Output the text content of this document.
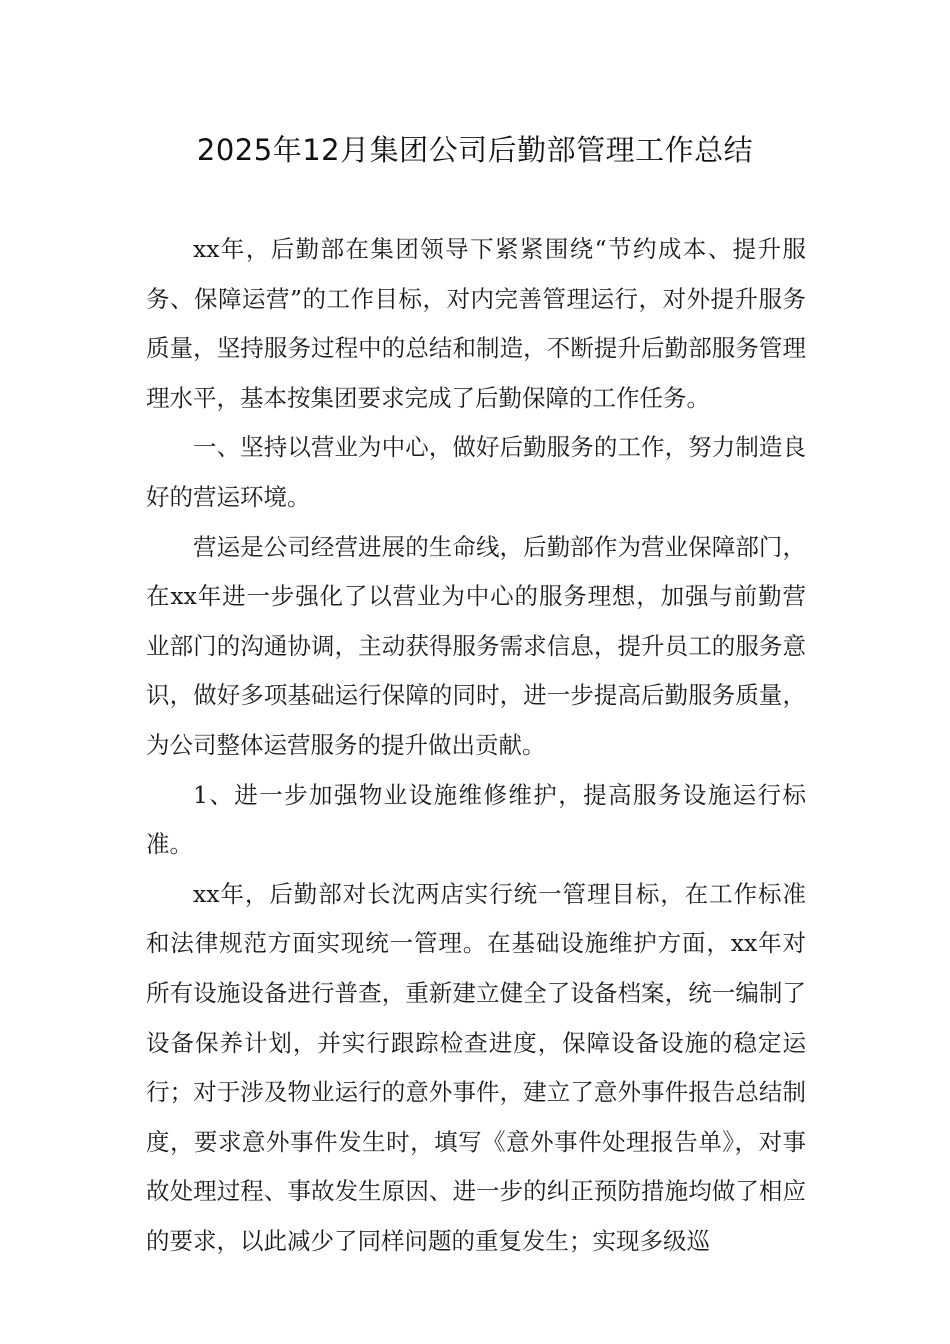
2025年12月集团公司后勤部管理工作总结

xx年，后勤部在集团领导下紧紧围绕“节约成本、提升服务、保障运营”的工作目标，对内完善管理运行，对外提升服务质量，坚持服务过程中的总结和制造，不断提升后勤部服务管理理水平，基本按集团要求完成了后勤保障的工作任务。

一、坚持以营业为中心，做好后勤服务的工作，努力制造良好的营运环境。

营运是公司经营进展的生命线，后勤部作为营业保障部门，在xx年进一步强化了以营业为中心的服务理想，加强与前勤营业部门的沟通协调，主动获得服务需求信息，提升员工的服务意识，做好多项基础运行保障的同时，进一步提高后勤服务质量，为公司整体运营服务的提升做出贡献。

1、进一步加强物业设施维修维护，提高服务设施运行标准。

xx年，后勤部对长沈两店实行统一管理目标，在工作标准和法律规范方面实现统一管理。在基础设施维护方面，xx年对所有设施设备进行普查，重新建立健全了设备档案，统一编制了设备保养计划，并实行跟踪检查进度，保障设备设施的稳定运行；对于涉及物业运行的意外事件，建立了意外事件报告总结制度，要求意外事件发生时，填写《意外事件处理报告单》，对事故处理过程、事故发生原因、进一步的纠正预防措施均做了相应的要求，以此减少了同样问题的重复发生；实现多级巡
